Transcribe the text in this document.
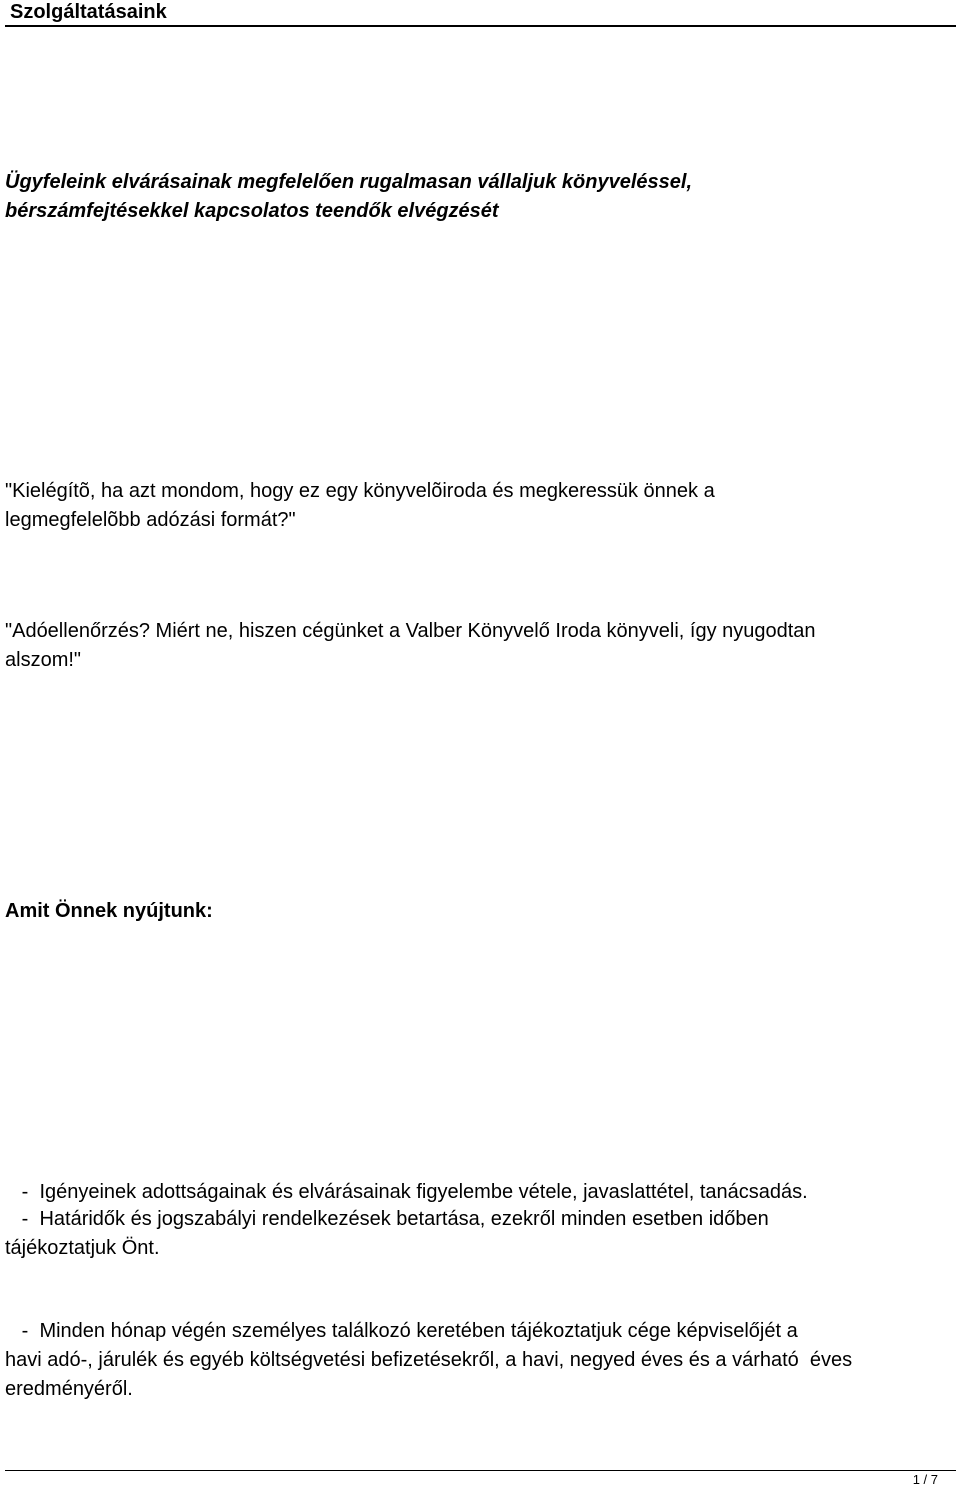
Szolgáltatásaink
Ügyfeleink elvárásainak megfelelően rugalmasan vállaljuk könyveléssel,
bérszámfejtésekkel kapcsolatos teendők elvégzését
"Kielégítõ, ha azt mondom, hogy ez egy könyvelõiroda és megkeressük önnek a
legmegfelelõbb adózási formát?"
"Adóellenőrzés? Miért ne, hiszen cégünket a Valber Könyvelő Iroda könyveli, így nyugodtan
alszom!"
Amit Önnek nyújtunk:

-  Igényeinek adottságainak és elvárásainak figyelembe vétele, javaslattétel, tanácsadás.

-  Határidők és jogszabályi rendelkezések betartása, ezekről minden esetben időben
tájékoztatjuk Önt.
-  Minden hónap végén személyes találkozó keretében tájékoztatjuk cége képviselőjét a
havi adó-, járulék és egyéb költségvetési befizetésekről, a havi, negyed éves és a várható  éves
eredményéről.
1 / 7
